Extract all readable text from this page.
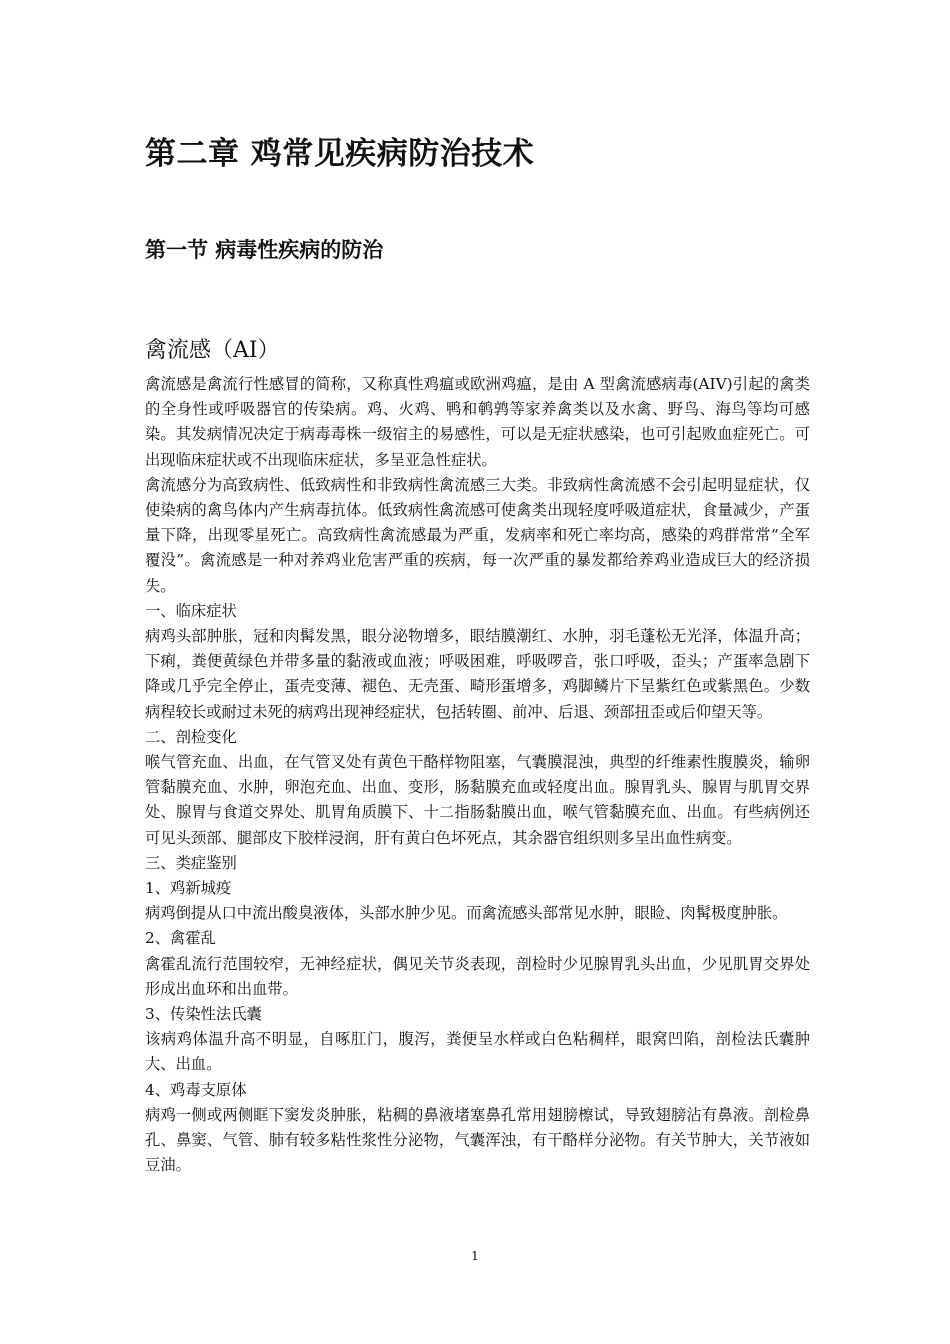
第二章 鸡常见疾病防治技术
第一节 病毒性疾病的防治
禽流感（AI）

禽流感是禽流行性感冒的简称，又称真性鸡瘟或欧洲鸡瘟，是由 A 型禽流感病毒(AIV)引起的禽类的全身性或呼吸器官的传染病。鸡、火鸡、鸭和鹌鹑等家养禽类以及水禽、野鸟、海鸟等均可感染。其发病情况决定于病毒毒株一级宿主的易感性，可以是无症状感染，也可引起败血症死亡。可出现临床症状或不出现临床症状，多呈亚急性症状。

禽流感分为高致病性、低致病性和非致病性禽流感三大类。非致病性禽流感不会引起明显症状，仅使染病的禽鸟体内产生病毒抗体。低致病性禽流感可使禽类出现轻度呼吸道症状，食量减少，产蛋量下降，出现零星死亡。高致病性禽流感最为严重，发病率和死亡率均高，感染的鸡群常常“全军覆没”。禽流感是一种对养鸡业危害严重的疾病，每一次严重的暴发都给养鸡业造成巨大的经济损失。

一、临床症状

病鸡头部肿胀，冠和肉髯发黑，眼分泌物增多，眼结膜潮红、水肿，羽毛蓬松无光泽，体温升高；下痢，粪便黄绿色并带多量的黏液或血液；呼吸困难，呼吸啰音，张口呼吸，歪头；产蛋率急剧下降或几乎完全停止，蛋壳变薄、褪色、无壳蛋、畸形蛋增多，鸡脚鳞片下呈紫红色或紫黑色。少数病程较长或耐过未死的病鸡出现神经症状，包括转圈、前冲、后退、颈部扭歪或后仰望天等。

二、剖检变化

喉气管充血、出血，在气管叉处有黄色干酪样物阻塞，气囊膜混浊，典型的纤维素性腹膜炎，输卵管黏膜充血、水肿，卵泡充血、出血、变形，肠黏膜充血或轻度出血。腺胃乳头、腺胃与肌胃交界处、腺胃与食道交界处、肌胃角质膜下、十二指肠黏膜出血，喉气管黏膜充血、出血。有些病例还可见头颈部、腿部皮下胶样浸润，肝有黄白色坏死点，其余器官组织则多呈出血性病变。

三、类症鉴别

1、鸡新城疫

病鸡倒提从口中流出酸臭液体，头部水肿少见。而禽流感头部常见水肿，眼睑、肉髯极度肿胀。

2、禽霍乱

禽霍乱流行范围较窄，无神经症状，偶见关节炎表现，剖检时少见腺胃乳头出血，少见肌胃交界处形成出血环和出血带。

3、传染性法氏囊

该病鸡体温升高不明显，自啄肛门，腹泻，粪便呈水样或白色粘稠样，眼窝凹陷，剖检法氏囊肿大、出血。

4、鸡毒支原体

病鸡一侧或两侧眶下窦发炎肿胀，粘稠的鼻液堵塞鼻孔常用翅膀檫试，导致翅膀沾有鼻液。剖检鼻孔、鼻窦、气管、肺有较多粘性浆性分泌物，气囊浑浊，有干酪样分泌物。有关节肿大，关节液如豆油。

1
